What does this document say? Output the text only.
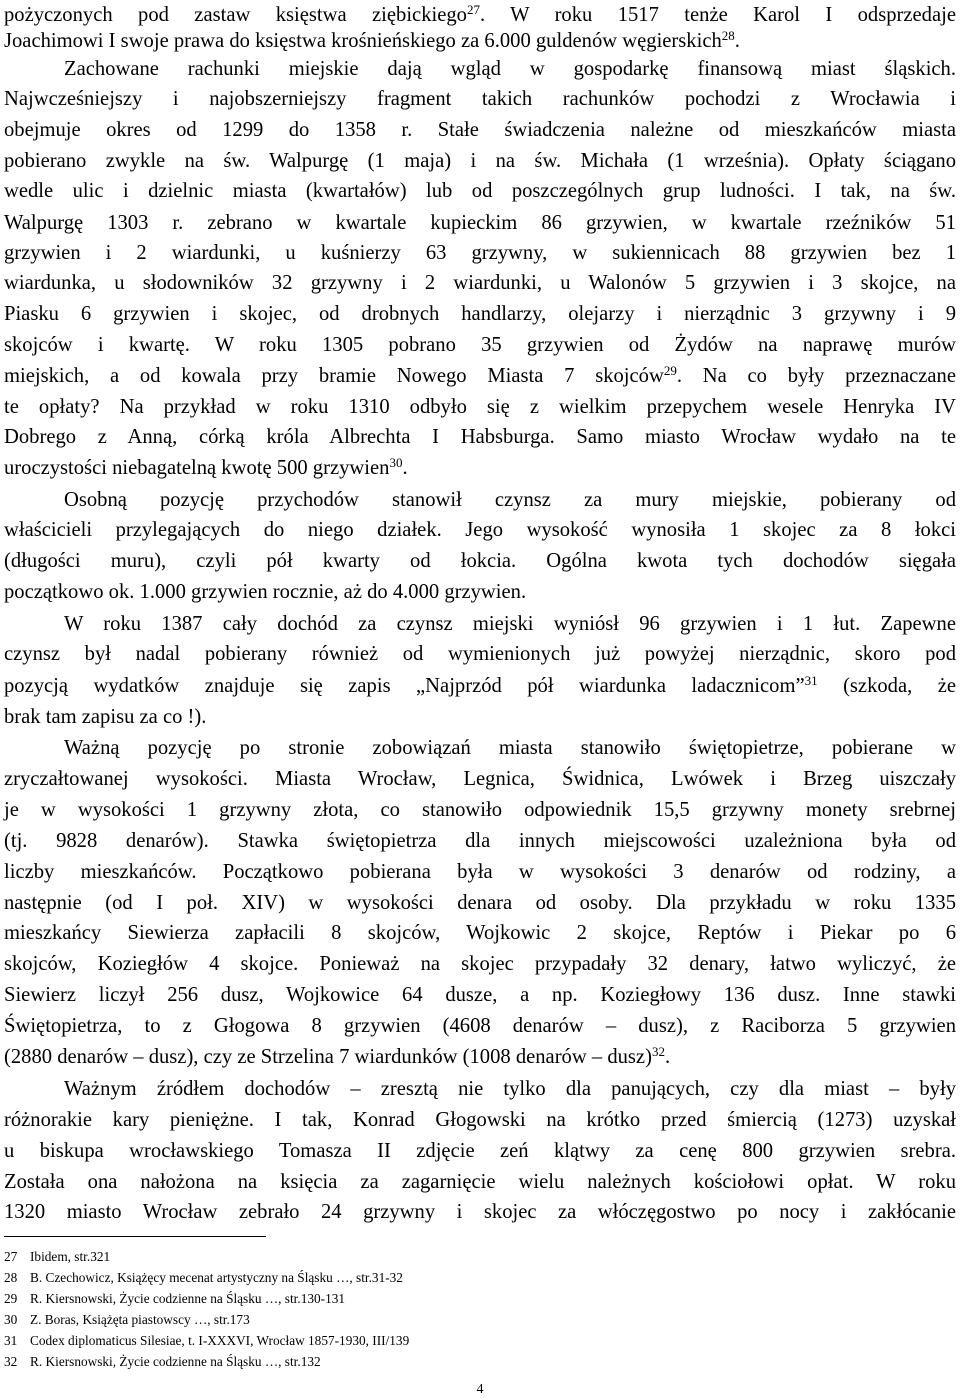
pożyczonych pod zastaw księstwa ziębickiego$^{27}$. W roku 1517 tenże Karol I odsprzedaje
Joachimowi I swoje prawa do księstwa krośnieńskiego za 6.000 guldenów węgierskich$^{28}$.
Zachowane rachunki miejskie dają wgląd w gospodarkę finansową miast śląskich.
Najwcześniejszy i najobszerniejszy fragment takich rachunków pochodzi z Wrocławia i
obejmuje okres od 1299 do 1358 r. Stałe świadczenia należne od mieszkańców miasta
pobierano zwykle na św. Walpurgę (1 maja) i na św. Michała (1 września). Opłaty ściągano
wedle ulic i dzielnic miasta (kwartałów) lub od poszczególnych grup ludności. I tak, na św.
Walpurgę 1303 r. zebrano w kwartale kupieckim 86 grzywien, w kwartale rzeźników 51
grzywien i 2 wiardunki, u kuśnierzy 63 grzywny, w sukiennicach 88 grzywien bez 1
wiardunka, u słodowników 32 grzywny i 2 wiardunki, u Walonów 5 grzywien i 3 skojce, na
Piasku 6 grzywien i skojec, od drobnych handlarzy, olejarzy i nierządnic 3 grzywny i 9
skojców i kwartę. W roku 1305 pobrano 35 grzywien od Żydów na naprawę murów
miejskich, a od kowala przy bramie Nowego Miasta 7 skojców$^{29}$. Na co były przeznaczane
te opłaty? Na przykład w roku 1310 odbyło się z wielkim przepychem wesele Henryka IV
Dobrego z Anną, córką króla Albrechta I Habsburga. Samo miasto Wrocław wydało na te
uroczystości niebagatelną kwotę 500 grzywien$^{30}$.
Osobną pozycję przychodów stanowił czynsz za mury miejskie, pobierany od
właścicieli przylegających do niego działek. Jego wysokość wynosiła 1 skojec za 8 łokci
(długości muru), czyli pół kwarty od łokcia. Ogólna kwota tych dochodów sięgała
początkowo ok. 1.000 grzywien rocznie, aż do 4.000 grzywien.
W roku 1387 cały dochód za czynsz miejski wyniósł 96 grzywien i 1 łut. Zapewne
czynsz był nadal pobierany również od wymienionych już powyżej nierządnic, skoro pod
pozycją wydatków znajduje się zapis „Najprzód pół wiardunka ladacznicom”$^{31}$ (szkoda, że
brak tam zapisu za co !).
Ważną pozycję po stronie zobowiązań miasta stanowiło świętopietrze, pobierane w
zryczałtowanej wysokości. Miasta Wrocław, Legnica, Świdnica, Lwówek i Brzeg uiszczały
je w wysokości 1 grzywny złota, co stanowiło odpowiednik 15,5 grzywny monety srebrnej
(tj. 9828 denarów). Stawka świętopietrza dla innych miejscowości uzależniona była od
liczby mieszkańców. Początkowo pobierana była w wysokości 3 denarów od rodziny, a
następnie (od I poł. XIV) w wysokości denara od osoby. Dla przykładu w roku 1335
mieszkańcy Siewierza zapłacili 8 skojców, Wojkowic 2 skojce, Reptów i Piekar po 6
skojców, Koziegłów 4 skojce. Ponieważ na skojec przypadały 32 denary, łatwo wyliczyć, że
Siewierz liczył 256 dusz, Wojkowice 64 dusze, a np. Koziegłowy 136 dusz. Inne stawki
Świętopietrza, to z Głogowa 8 grzywien (4608 denarów – dusz), z Raciborza 5 grzywien
(2880 denarów – dusz), czy ze Strzelina 7 wiardunków (1008 denarów – dusz)$^{32}$.
Ważnym źródłem dochodów – zresztą nie tylko dla panujących, czy dla miast – były
różnorakie kary pieniężne. I tak, Konrad Głogowski na krótko przed śmiercią (1273) uzyskał
u biskupa wrocławskiego Tomasza II zdjęcie zeń klątwy za cenę 800 grzywien srebra.
Została ona nałożona na księcia za zagarnięcie wielu należnych kościołowi opłat. W roku
1320 miasto Wrocław zebrało 24 grzywny i skojec za włóczęgostwo po nocy i zakłócanie
27 Ibidem, str.321
28 B. Czechowicz, Książęcy mecenat artystyczny na Śląsku …, str.31-32
29 R. Kiersnowski, Życie codzienne na Śląsku …, str.130-131
30 Z. Boras, Książęta piastowscy …, str.173
31 Codex diplomaticus Silesiae, t. I-XXXVI, Wrocław 1857-1930, III/139
32 R. Kiersnowski, Życie codzienne na Śląsku …, str.132
4
